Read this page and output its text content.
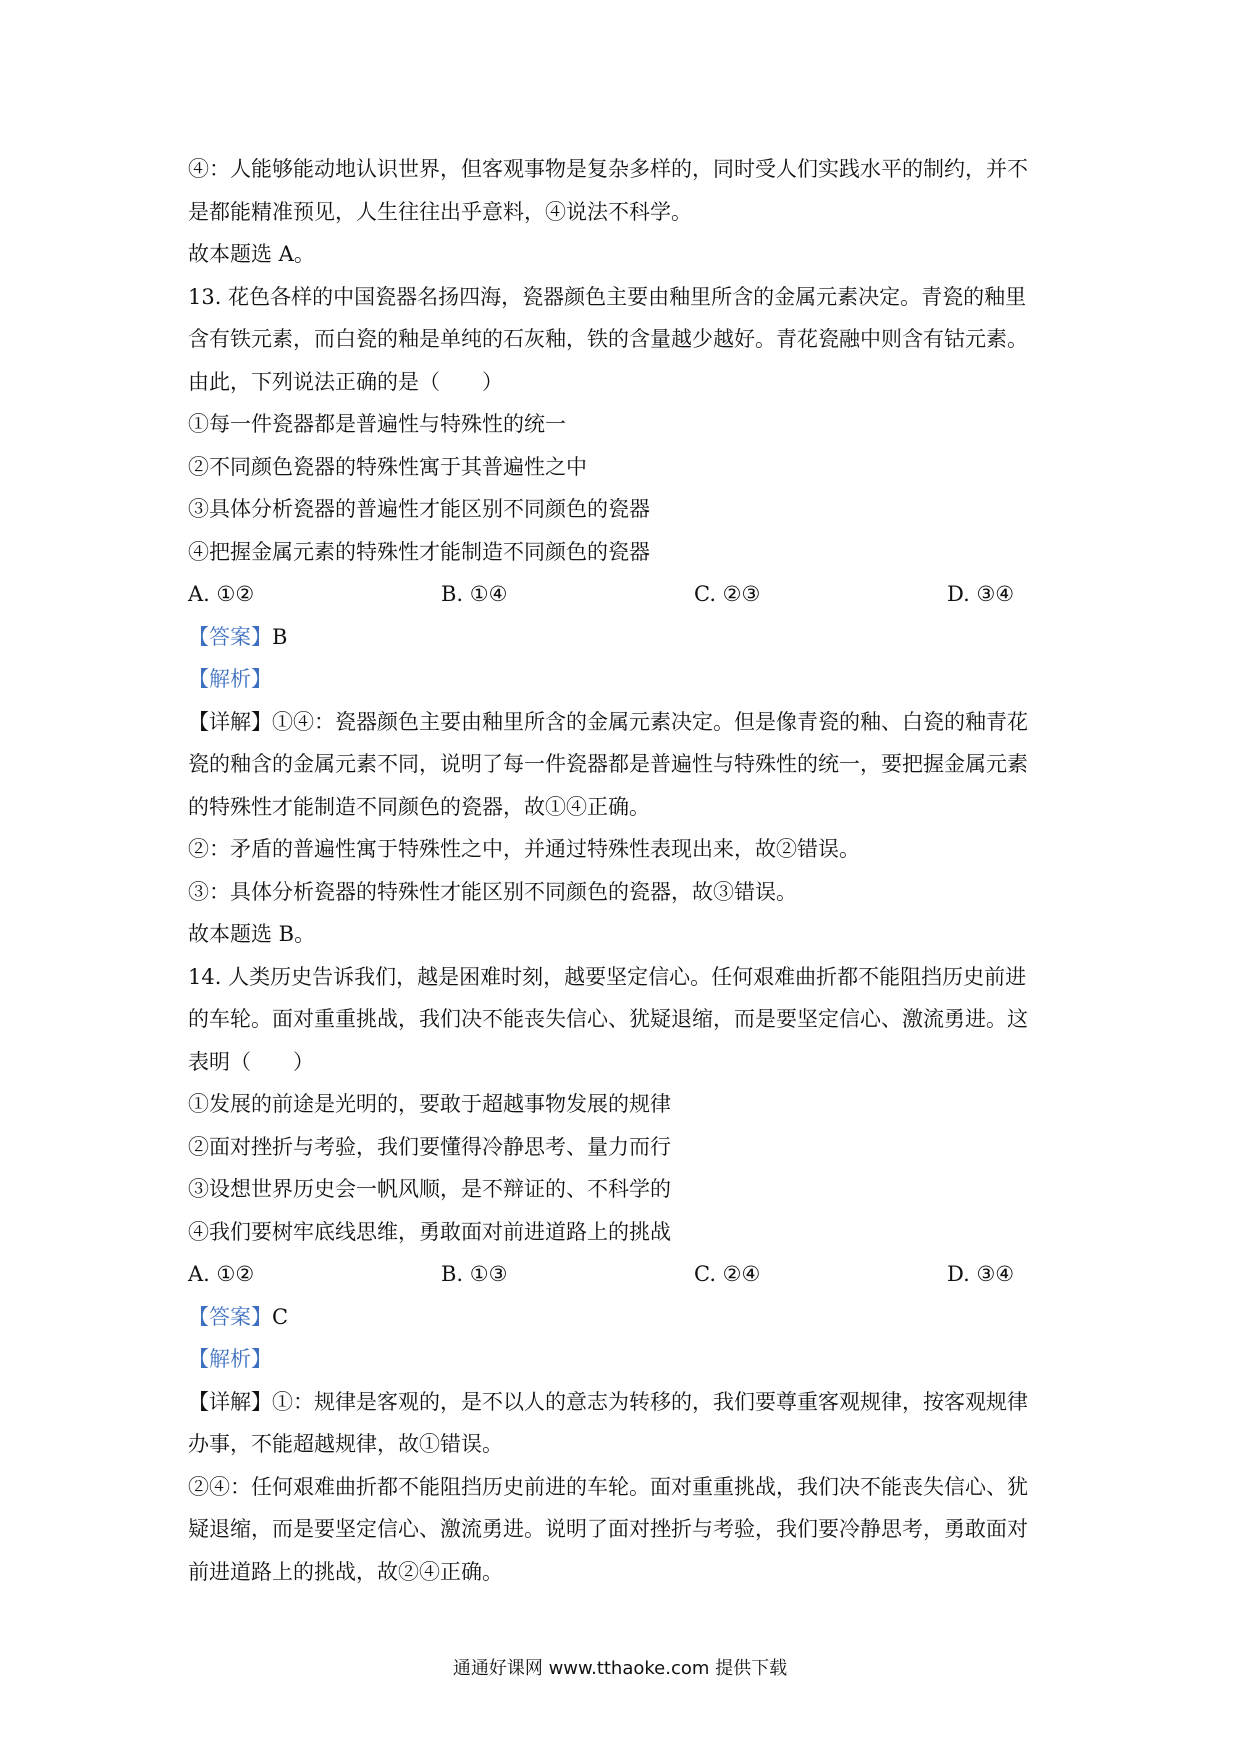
④：人能够能动地认识世界，但客观事物是复杂多样的，同时受人们实践水平的制约，并不
是都能精准预见，人生往往出乎意料，④说法不科学。
故本题选 A。
13. 花色各样的中国瓷器名扬四海，瓷器颜色主要由釉里所含的金属元素决定。青瓷的釉里
含有铁元素，而白瓷的釉是单纯的石灰釉，铁的含量越少越好。青花瓷融中则含有钴元素。
由此，下列说法正确的是（　　）
①每一件瓷器都是普遍性与特殊性的统一
②不同颜色瓷器的特殊性寓于其普遍性之中
③具体分析瓷器的普遍性才能区别不同颜色的瓷器
④把握金属元素的特殊性才能制造不同颜色的瓷器
A. ①②	B. ①④	C. ②③	D. ③④
【答案】B
【解析】
【详解】①④：瓷器颜色主要由釉里所含的金属元素决定。但是像青瓷的釉、白瓷的釉青花
瓷的釉含的金属元素不同，说明了每一件瓷器都是普遍性与特殊性的统一，要把握金属元素
的特殊性才能制造不同颜色的瓷器，故①④正确。
②：矛盾的普遍性寓于特殊性之中，并通过特殊性表现出来，故②错误。
③：具体分析瓷器的特殊性才能区别不同颜色的瓷器，故③错误。
故本题选 B。
14. 人类历史告诉我们，越是困难时刻，越要坚定信心。任何艰难曲折都不能阻挡历史前进
的车轮。面对重重挑战，我们决不能丧失信心、犹疑退缩，而是要坚定信心、激流勇进。这
表明（　　）
①发展的前途是光明的，要敢于超越事物发展的规律
②面对挫折与考验，我们要懂得冷静思考、量力而行
③设想世界历史会一帆风顺，是不辩证的、不科学的
④我们要树牢底线思维，勇敢面对前进道路上的挑战
A. ①②	B. ①③	C. ②④	D. ③④
【答案】C
【解析】
【详解】①：规律是客观的，是不以人的意志为转移的，我们要尊重客观规律，按客观规律
办事，不能超越规律，故①错误。
②④：任何艰难曲折都不能阻挡历史前进的车轮。面对重重挑战，我们决不能丧失信心、犹
疑退缩，而是要坚定信心、激流勇进。说明了面对挫折与考验，我们要冷静思考，勇敢面对
前进道路上的挑战，故②④正确。
通通好课网 www.tthaoke.com 提供下载
